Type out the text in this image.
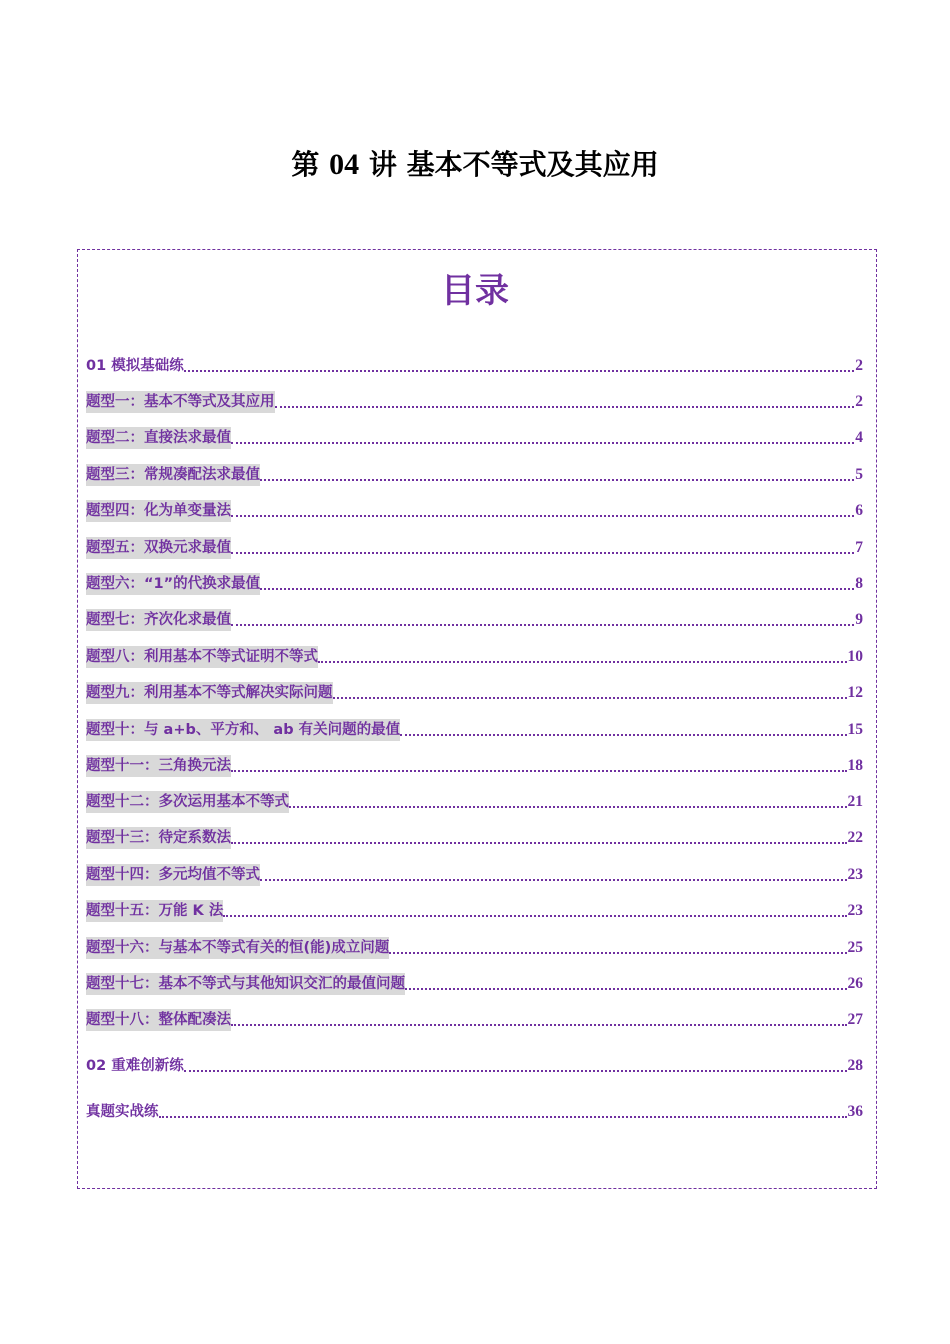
第 04 讲 基本不等式及其应用
目录
01 模拟基础练	2
题型一：基本不等式及其应用	2
题型二：直接法求最值	4
题型三：常规凑配法求最值	5
题型四：化为单变量法	6
题型五：双换元求最值	7
题型六：“1”的代换求最值	8
题型七：齐次化求最值	9
题型八：利用基本不等式证明不等式	10
题型九：利用基本不等式解决实际问题	12
题型十：与 a+b、平方和、 ab 有关问题的最值	15
题型十一：三角换元法	18
题型十二：多次运用基本不等式	21
题型十三：待定系数法	22
题型十四：多元均值不等式	23
题型十五：万能 K 法	23
题型十六：与基本不等式有关的恒(能)成立问题	25
题型十七：基本不等式与其他知识交汇的最值问题	26
题型十八：整体配凑法	27
02 重难创新练	28
真题实战练	36
